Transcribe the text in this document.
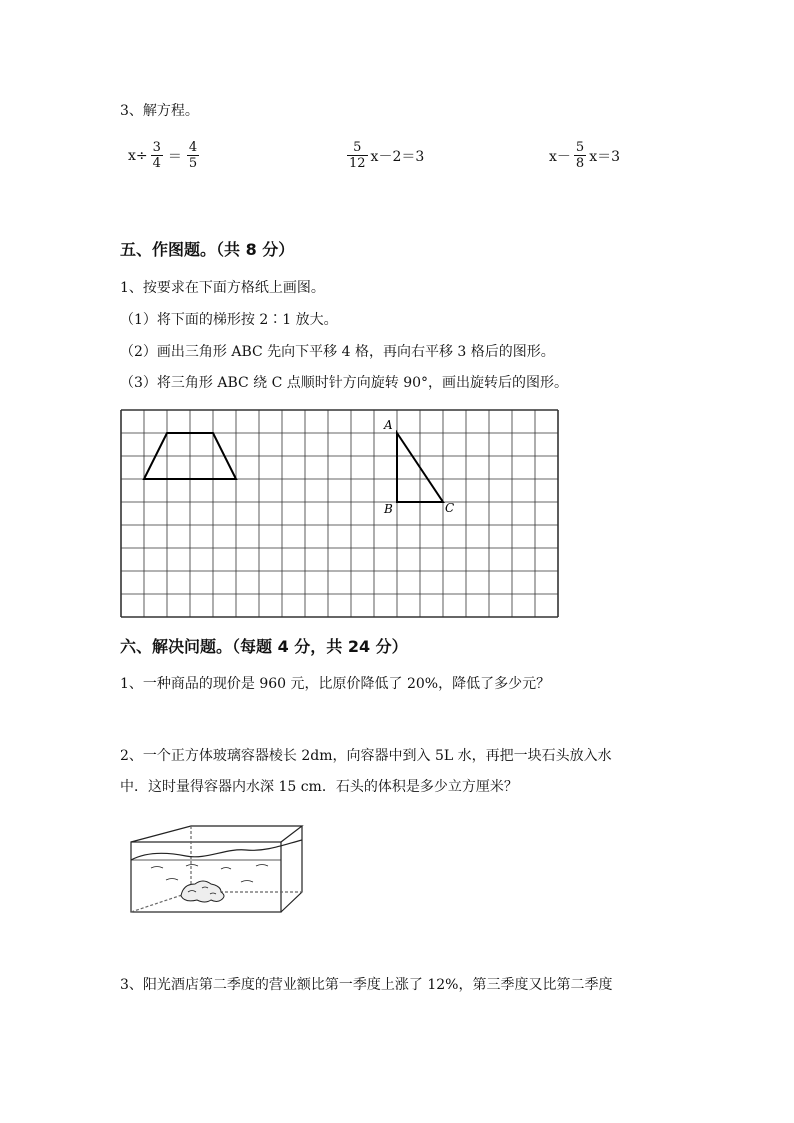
3、解方程。
$x\div \frac{3}{4} = \frac{4}{5}$	$\frac{5}{12} x-2=3$	$x- \frac{5}{8} x=3$
五、作图题。（共 8 分）
1、按要求在下面方格纸上画图。
（1）将下面的梯形按 2∶1 放大。
（2）画出三角形 ABC 先向下平移 4 格，再向右平移 3 格后的图形。
（3）将三角形 ABC 绕 C 点顺时针方向旋转 90°，画出旋转后的图形。
A
B	C
六、解决问题。（每题 4 分，共 24 分）
1、一种商品的现价是 960 元，比原价降低了 20%，降低了多少元？
2、一个正方体玻璃容器棱长 2dm，向容器中到入 5L 水，再把一块石头放入水
中．这时量得容器内水深 15 cm．石头的体积是多少立方厘米？
3、阳光酒店第二季度的营业额比第一季度上涨了 12%，第三季度又比第二季度
